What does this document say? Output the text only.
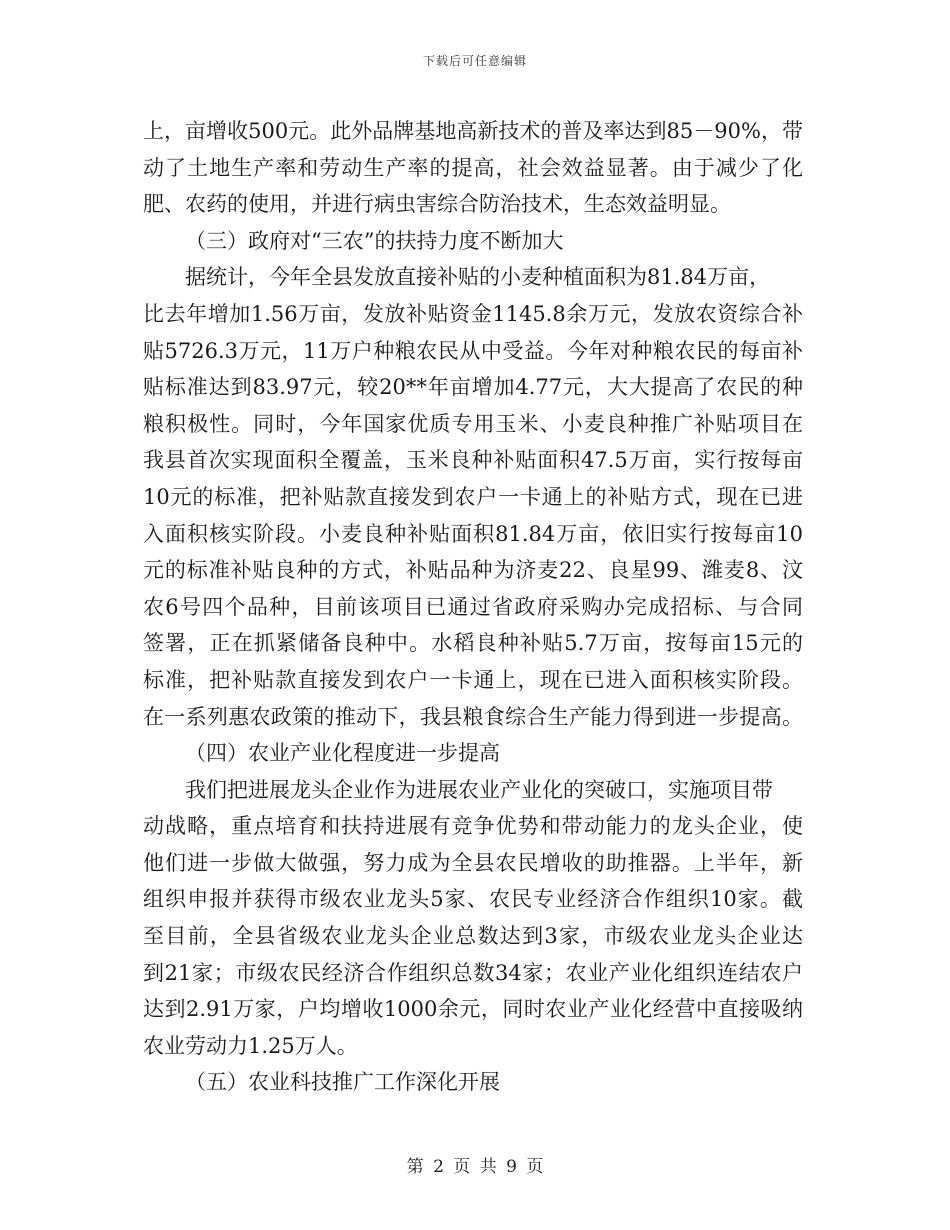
下载后可任意编辑
上，亩增收500元。此外品牌基地高新技术的普及率达到85－90%，带
动了土地生产率和劳动生产率的提高，社会效益显著。由于减少了化
肥、农药的使用，并进行病虫害综合防治技术，生态效益明显。
（三）政府对“三农”的扶持力度不断加大
据统计，今年全县发放直接补贴的小麦种植面积为81.84万亩，
比去年增加1.56万亩，发放补贴资金1145.8余万元，发放农资综合补
贴5726.3万元，11万户种粮农民从中受益。今年对种粮农民的每亩补
贴标准达到83.97元，较20**年亩增加4.77元，大大提高了农民的种
粮积极性。同时，今年国家优质专用玉米、小麦良种推广补贴项目在
我县首次实现面积全覆盖，玉米良种补贴面积47.5万亩，实行按每亩
10元的标准，把补贴款直接发到农户一卡通上的补贴方式，现在已进
入面积核实阶段。小麦良种补贴面积81.84万亩，依旧实行按每亩10
元的标准补贴良种的方式，补贴品种为济麦22、良星99、潍麦8、汶
农6号四个品种，目前该项目已通过省政府采购办完成招标、与合同
签署，正在抓紧储备良种中。水稻良种补贴5.7万亩，按每亩15元的
标准，把补贴款直接发到农户一卡通上，现在已进入面积核实阶段。
在一系列惠农政策的推动下，我县粮食综合生产能力得到进一步提高。
（四）农业产业化程度进一步提高
我们把进展龙头企业作为进展农业产业化的突破口，实施项目带
动战略，重点培育和扶持进展有竞争优势和带动能力的龙头企业，使
他们进一步做大做强，努力成为全县农民增收的助推器。上半年，新
组织申报并获得市级农业龙头5家、农民专业经济合作组织10家。截
至目前，全县省级农业龙头企业总数达到3家，市级农业龙头企业达
到21家；市级农民经济合作组织总数34家；农业产业化组织连结农户
达到2.91万家，户均增收1000余元，同时农业产业化经营中直接吸纳
农业劳动力1.25万人。
（五）农业科技推广工作深化开展
第 2 页 共 9 页
